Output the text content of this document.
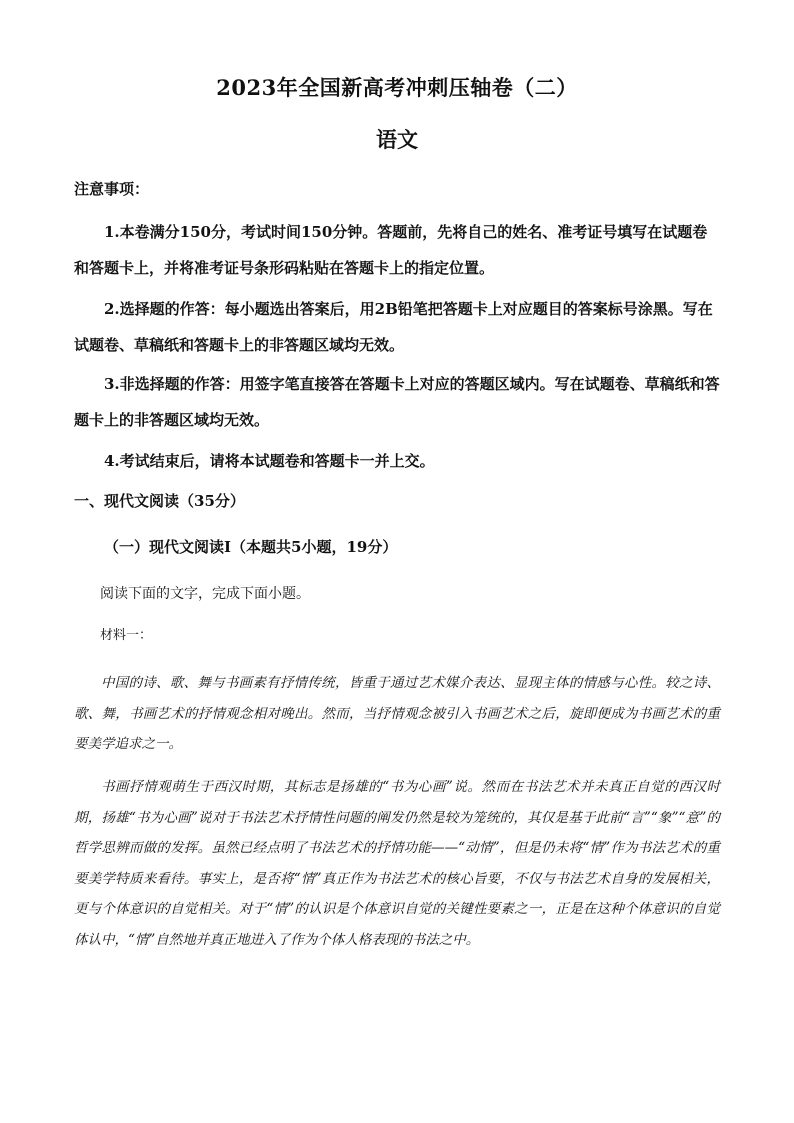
2023年全国新高考冲刺压轴卷（二）
语文
注意事项：
1.本卷满分150分，考试时间150分钟。答题前，先将自己的姓名、准考证号填写在试题卷和答题卡上，并将准考证号条形码粘贴在答题卡上的指定位置。
2.选择题的作答：每小题选出答案后，用2B铅笔把答题卡上对应题目的答案标号涂黑。写在试题卷、草稿纸和答题卡上的非答题区域均无效。
3.非选择题的作答：用签字笔直接答在答题卡上对应的答题区域内。写在试题卷、草稿纸和答题卡上的非答题区域均无效。
4.考试结束后，请将本试题卷和答题卡一并上交。
一、现代文阅读（35分）
（一）现代文阅读Ⅰ（本题共5小题，19分）
阅读下面的文字，完成下面小题。
材料一：
中国的诗、歌、舞与书画素有抒情传统，皆重于通过艺术媒介表达、显现主体的情感与心性。较之诗、歌、舞，书画艺术的抒情观念相对晚出。然而，当抒情观念被引入书画艺术之后，旋即便成为书画艺术的重要美学追求之一。
书画抒情观萌生于西汉时期，其标志是扬雄的“书为心画”说。然而在书法艺术并未真正自觉的西汉时期，扬雄“书为心画”说对于书法艺术抒情性问题的阐发仍然是较为笼统的，其仅是基于此前“言”“象”“意”的哲学思辨而做的发挥。虽然已经点明了书法艺术的抒情功能——“动情”，但是仍未将“情”作为书法艺术的重要美学特质来看待。事实上，是否将“情”真正作为书法艺术的核心旨要，不仅与书法艺术自身的发展相关，更与个体意识的自觉相关。对于“情”的认识是个体意识自觉的关键性要素之一，正是在这种个体意识的自觉体认中，“情”自然地并真正地进入了作为个体人格表现的书法之中。
